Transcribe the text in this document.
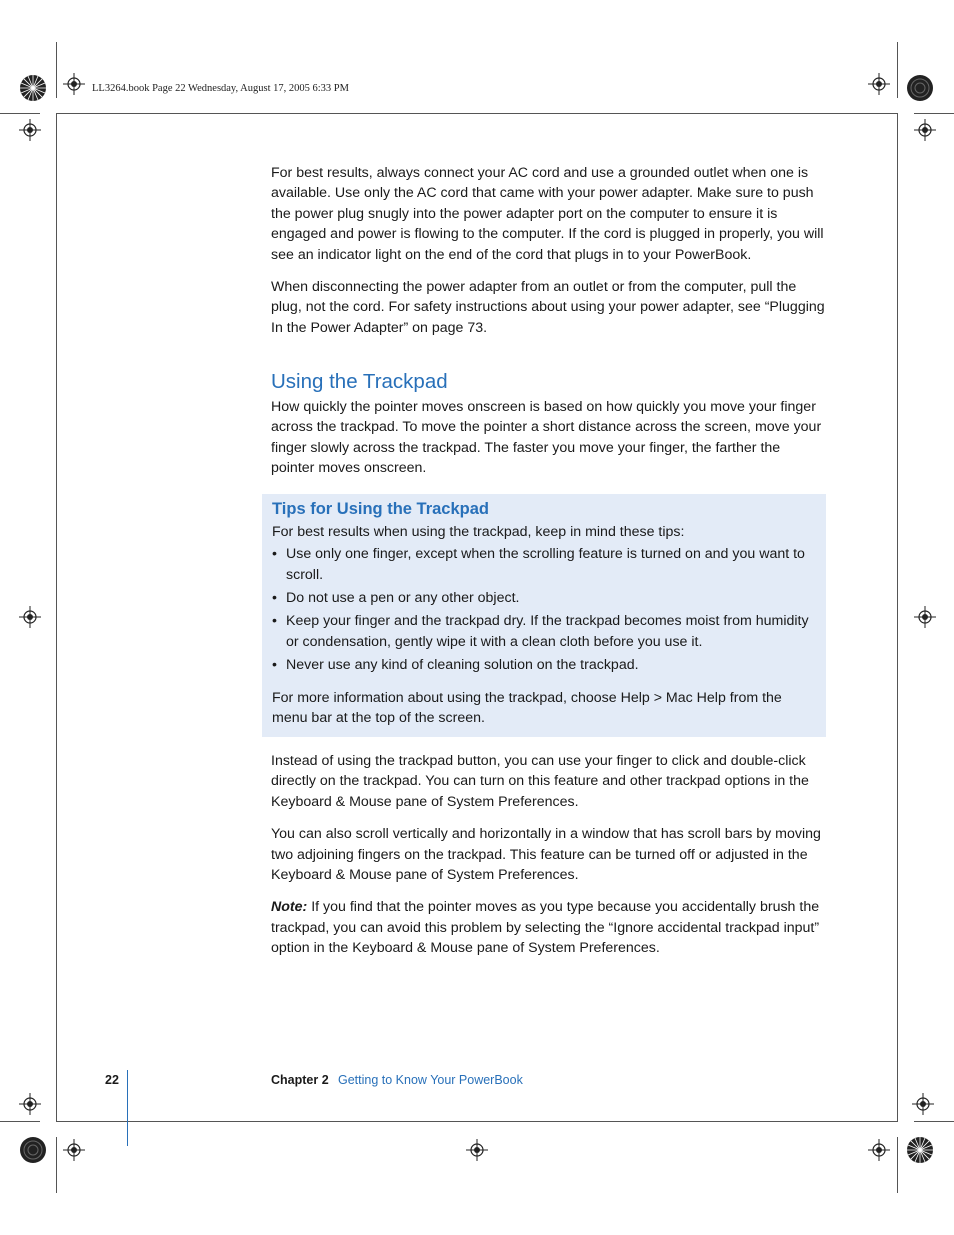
LL3264.book Page 22 Wednesday, August 17, 2005 6:33 PM

For best results, always connect your AC cord and use a grounded outlet when one is available. Use only the AC cord that came with your power adapter. Make sure to push the power plug snugly into the power adapter port on the computer to ensure it is engaged and power is flowing to the computer. If the cord is plugged in properly, you will see an indicator light on the end of the cord that plugs in to your PowerBook.

When disconnecting the power adapter from an outlet or from the computer, pull the plug, not the cord. For safety instructions about using your power adapter, see “Plugging In the Power Adapter” on page 73.

Using the Trackpad

How quickly the pointer moves onscreen is based on how quickly you move your finger across the trackpad. To move the pointer a short distance across the screen, move your finger slowly across the trackpad. The faster you move your finger, the farther the pointer moves onscreen.

Tips for Using the Trackpad
For best results when using the trackpad, keep in mind these tips:
• Use only one finger, except when the scrolling feature is turned on and you want to scroll.
• Do not use a pen or any other object.
• Keep your finger and the trackpad dry. If the trackpad becomes moist from humidity or condensation, gently wipe it with a clean cloth before you use it.
• Never use any kind of cleaning solution on the trackpad.
For more information about using the trackpad, choose Help > Mac Help from the menu bar at the top of the screen.

Instead of using the trackpad button, you can use your finger to click and double-click directly on the trackpad. You can turn on this feature and other trackpad options in the Keyboard & Mouse pane of System Preferences.

You can also scroll vertically and horizontally in a window that has scroll bars by moving two adjoining fingers on the trackpad. This feature can be turned off or adjusted in the Keyboard & Mouse pane of System Preferences.

Note: If you find that the pointer moves as you type because you accidentally brush the trackpad, you can avoid this problem by selecting the “Ignore accidental trackpad input” option in the Keyboard & Mouse pane of System Preferences.

22	Chapter 2 Getting to Know Your PowerBook
